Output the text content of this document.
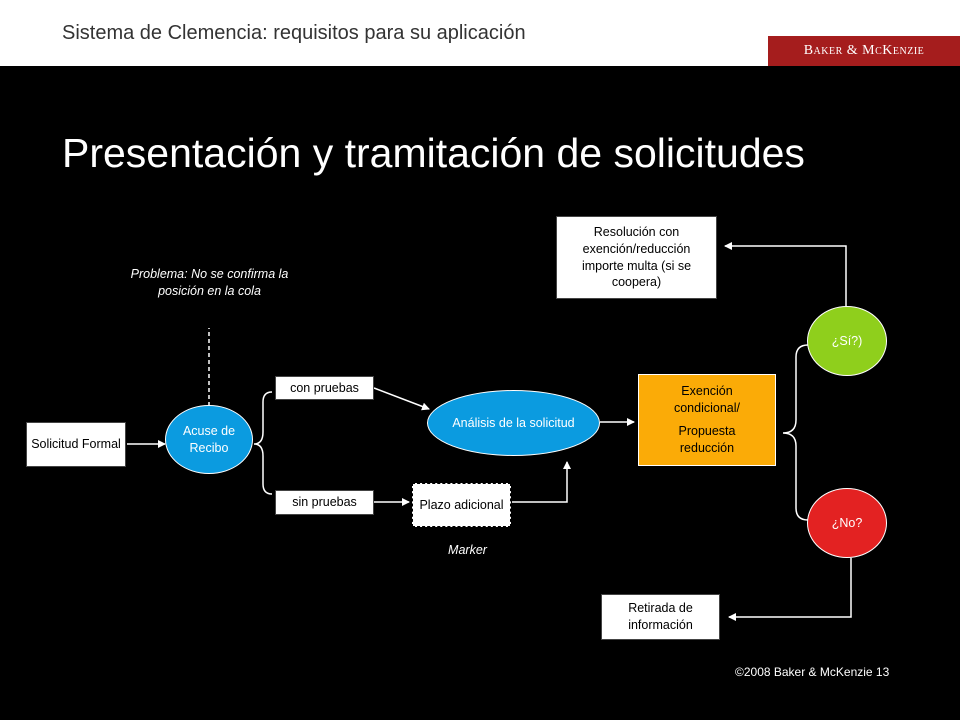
Sistema de Clemencia: requisitos para su aplicación
Baker & McKenzie
Presentación y tramitación de solicitudes
Solicitud Formal
Acuse de Recibo
Problema: No se confirma la posición en la cola
con pruebas
sin pruebas	Plazo adicional
Marker
Análisis de la solicitud
Exención condicional/
Propuesta reducción
¿Sí?)
¿No?
Resolución con exención/reducción importe multa (si se coopera)
Retirada de información
©2008 Baker & McKenzie 13
